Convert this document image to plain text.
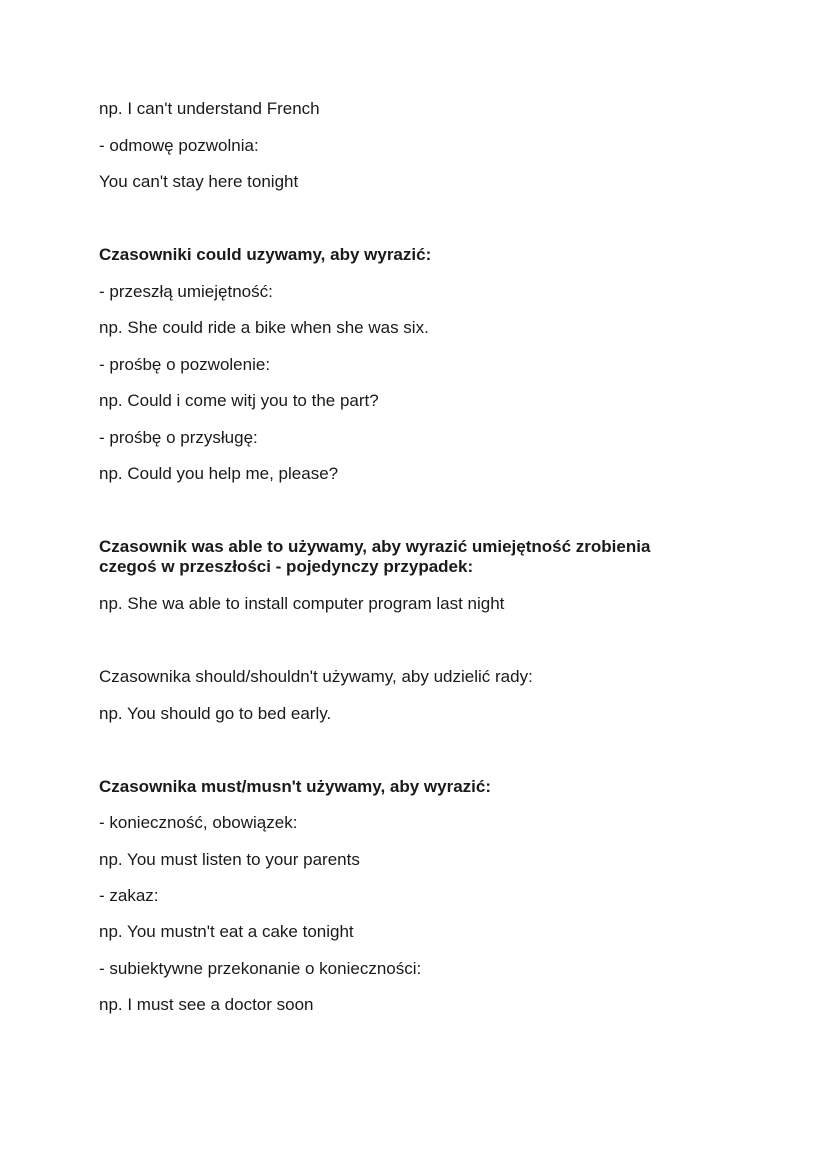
np. I can't understand French
- odmowę pozwolnia:
You can't stay here tonight
Czasowniki could uzywamy, aby wyrazić:
- przeszłą umiejętność:
np. She could ride a bike when she was six.
- prośbę o pozwolenie:
np. Could i come witj you to the part?
- prośbę o przysługę:
np. Could you help me, please?
Czasownik was able to używamy, aby wyrazić umiejętność zrobienia
czegoś w przeszłości - pojedynczy przypadek:
np. She wa able to install computer program last night
Czasownika should/shouldn't używamy, aby udzielić rady:
np. You should go to bed early.
Czasownika must/musn't używamy, aby wyrazić:
- konieczność, obowiązek:
np. You must listen to your parents
- zakaz:
np. You mustn't eat a cake tonight
- subiektywne przekonanie o konieczności:
np. I must see a doctor soon
